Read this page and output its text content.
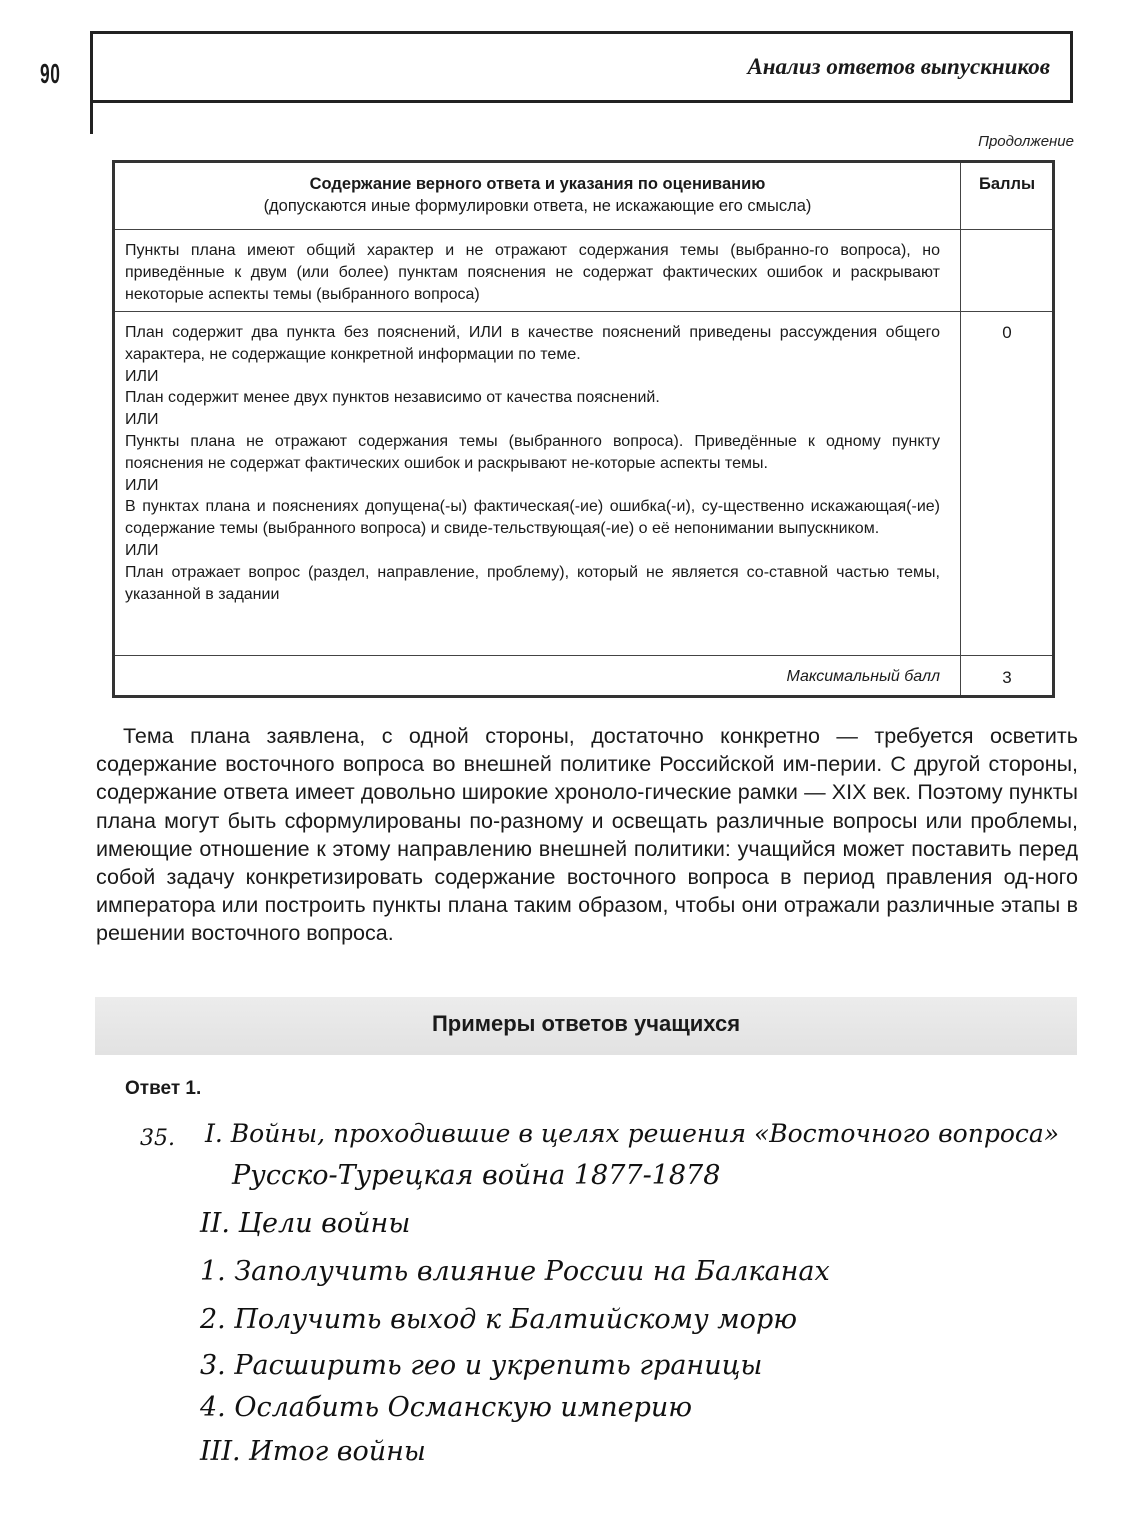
90	Анализ ответов выпускников
Продолжение
Содержание верного ответа и указания по оцениванию
(допускаются иные формулировки ответа, не искажающие его смысла)
Баллы

Пункты плана имеют общий характер и не отражают содержания темы (выбранно-го вопроса), но приведённые к двум (или более) пунктам пояснения не содержат фактических ошибок и раскрывают некоторые аспекты темы (выбранного вопроса)

План содержит два пункта без пояснений, ИЛИ в качестве пояснений приведены рассуждения общего характера, не содержащие конкретной информации по теме.

ИЛИ

План содержит менее двух пунктов независимо от качества пояснений.

ИЛИ

Пункты плана не отражают содержания темы (выбранного вопроса). Приведённые к одному пункту пояснения не содержат фактических ошибок и раскрывают не-которые аспекты темы.

ИЛИ

В пунктах плана и пояснениях допущена(-ы) фактическая(-ие) ошибка(-и), су-щественно искажающая(-ие) содержание темы (выбранного вопроса) и свиде-тельствующая(-ие) о её непонимании выпускником.

ИЛИ

План отражает вопрос (раздел, направление, проблему), который не является со-ставной частью темы, указанной в задании

0
Максимальный балл	3
Тема плана заявлена, с одной стороны, достаточно конкретно — требуется осветить содержание восточного вопроса во внешней политике Российской им-перии. С другой стороны, содержание ответа имеет довольно широкие хроноло-гические рамки — XIX век. Поэтому пункты плана могут быть сформулированы по-разному и освещать различные вопросы или проблемы, имеющие отношение к этому направлению внешней политики: учащийся может поставить перед собой задачу конкретизировать содержание восточного вопроса в период правления од-ного императора или построить пункты плана таким образом, чтобы они отражали различные этапы в решении восточного вопроса.
Примеры ответов учащихся
Ответ 1.
35. I. Войны, проходившие в целях решения «Восточного вопроса»
Русско-Турецкая война 1877-1878
II. Цели войны
1. Заполучить влияние России на Балканах
2. Получить выход к Балтийскому морю
3. Расширить гео и укрепить границы
4. Ослабить Османскую империю
III. Итог войны
